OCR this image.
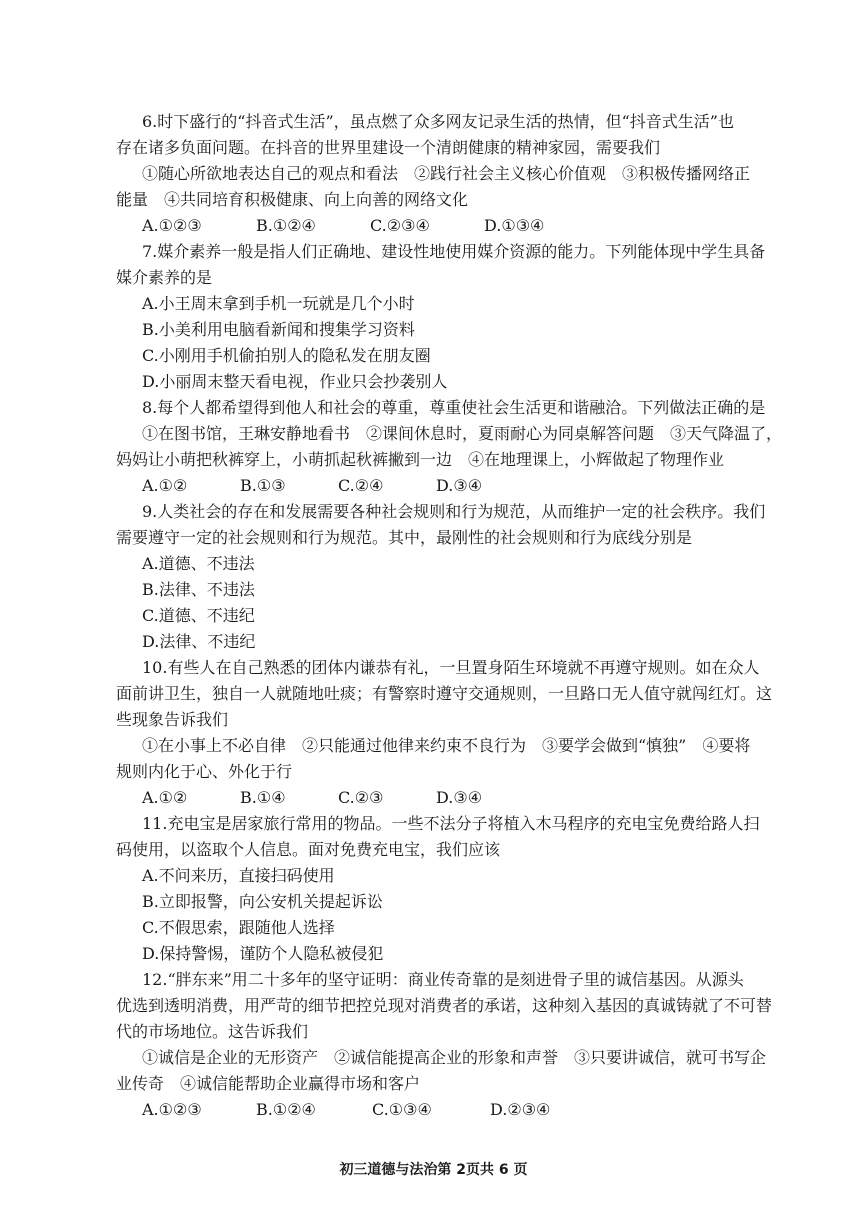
6.时下盛行的“抖音式生活”，虽点燃了众多网友记录生活的热情，但“抖音式生活”也
存在诸多负面问题。在抖音的世界里建设一个清朗健康的精神家园，需要我们
①随心所欲地表达自己的观点和看法　②践行社会主义核心价值观　③积极传播网络正
能量　④共同培育积极健康、向上向善的网络文化
A.①②③	B.①②④	C.②③④	D.①③④
7.媒介素养一般是指人们正确地、建设性地使用媒介资源的能力。下列能体现中学生具备
媒介素养的是
A.小王周末拿到手机一玩就是几个小时
B.小美利用电脑看新闻和搜集学习资料
C.小刚用手机偷拍别人的隐私发在朋友圈
D.小丽周末整天看电视，作业只会抄袭别人
8.每个人都希望得到他人和社会的尊重，尊重使社会生活更和谐融洽。下列做法正确的是
①在图书馆，王琳安静地看书　②课间休息时，夏雨耐心为同桌解答问题　③天气降温了，
妈妈让小萌把秋裤穿上，小萌抓起秋裤撇到一边　④在地理课上，小辉做起了物理作业
A.①②	B.①③	C.②④	D.③④
9.人类社会的存在和发展需要各种社会规则和行为规范，从而维护一定的社会秩序。我们
需要遵守一定的社会规则和行为规范。其中，最刚性的社会规则和行为底线分别是
A.道德、不违法
B.法律、不违法
C.道德、不违纪
D.法律、不违纪
10.有些人在自己熟悉的团体内谦恭有礼，一旦置身陌生环境就不再遵守规则。如在众人
面前讲卫生，独自一人就随地吐痰；有警察时遵守交通规则，一旦路口无人值守就闯红灯。这
些现象告诉我们
①在小事上不必自律　②只能通过他律来约束不良行为　③要学会做到“慎独”　④要将
规则内化于心、外化于行
A.①②	B.①④	C.②③	D.③④
11.充电宝是居家旅行常用的物品。一些不法分子将植入木马程序的充电宝免费给路人扫
码使用，以盗取个人信息。面对免费充电宝，我们应该
A.不问来历，直接扫码使用
B.立即报警，向公安机关提起诉讼
C.不假思索，跟随他人选择
D.保持警惕，谨防个人隐私被侵犯
12.“胖东来”用二十多年的坚守证明：商业传奇靠的是刻进骨子里的诚信基因。从源头
优选到透明消费，用严苛的细节把控兑现对消费者的承诺，这种刻入基因的真诚铸就了不可替
代的市场地位。这告诉我们
①诚信是企业的无形资产　②诚信能提高企业的形象和声誉　③只要讲诚信，就可书写企
业传奇　④诚信能帮助企业赢得市场和客户
A.①②③	B.①②④	C.①③④	D.②③④
初三道德与法治第 2页共 6 页
